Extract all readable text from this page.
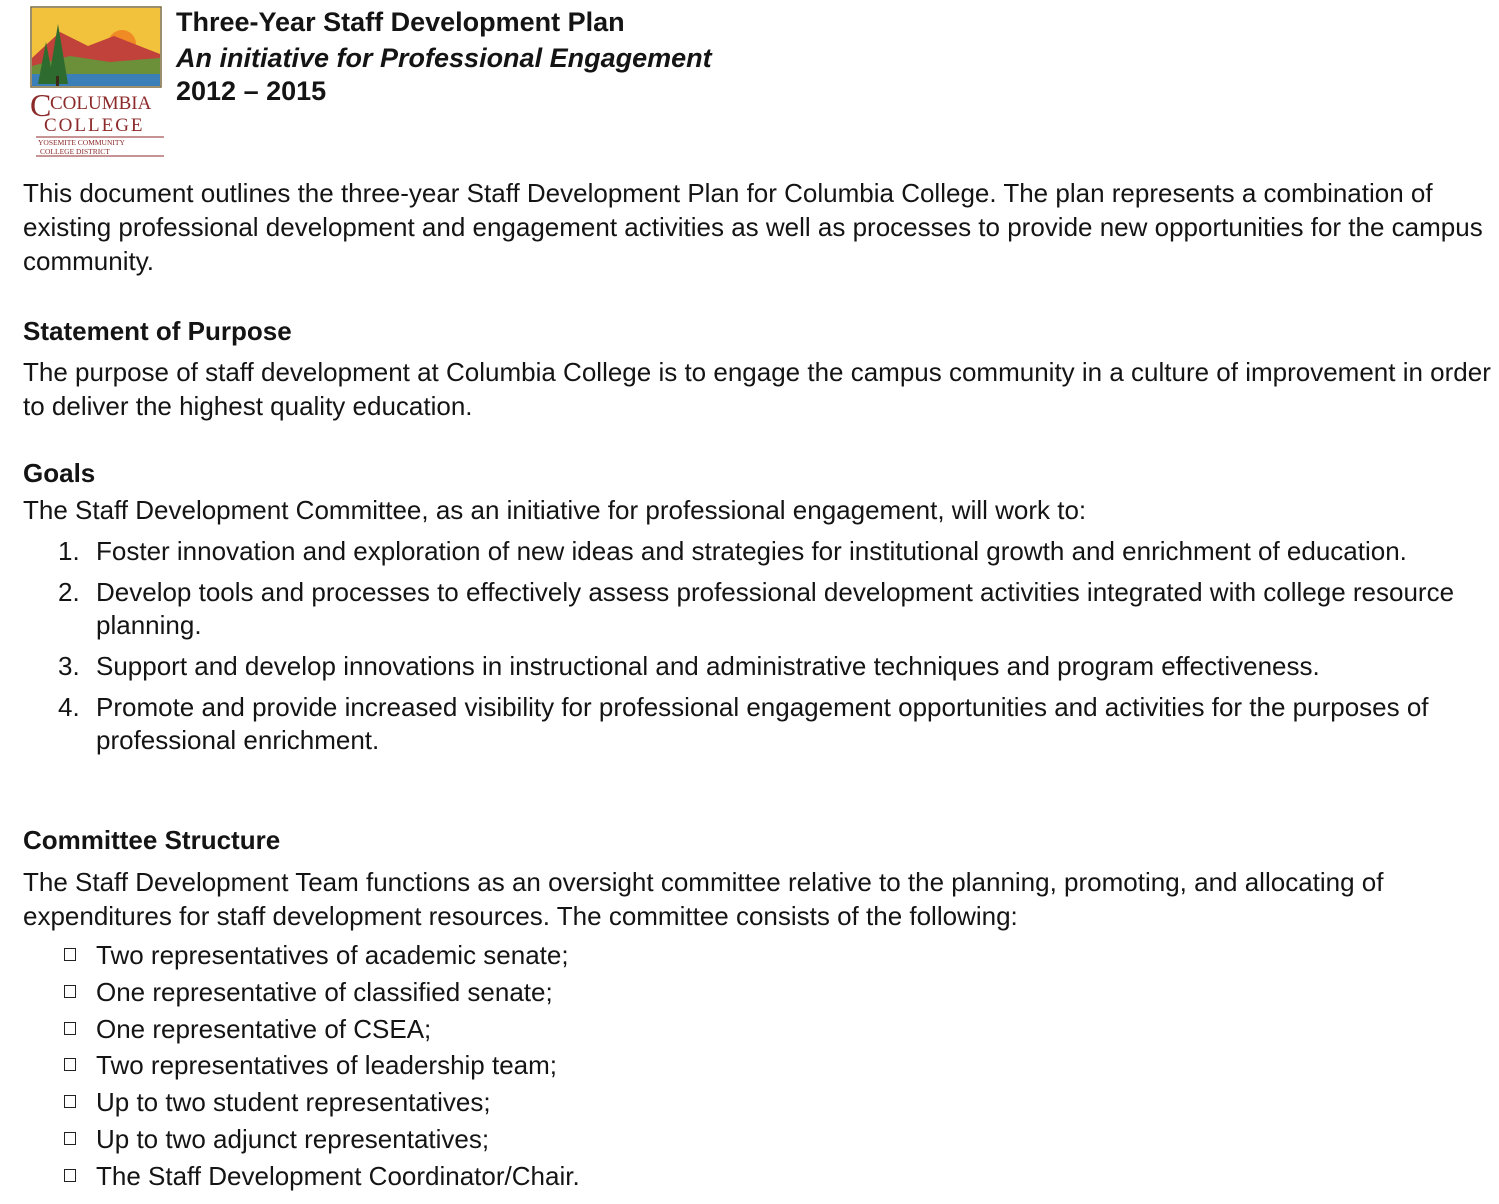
C
COLUMBIA
COLLEGE
YOSEMITE COMMUNITY
COLLEGE DISTRICT
Three-Year Staff Development Plan
An initiative for Professional Engagement
2012 – 2015
This document outlines the three-year Staff Development Plan for Columbia College. The plan represents a combination of existing professional development and engagement activities as well as processes to provide new opportunities for the campus community.
Statement of Purpose
The purpose of staff development at Columbia College is to engage the campus community in a culture of improvement in order to deliver the highest quality education.
Goals
The Staff Development Committee, as an initiative for professional engagement, will work to:
1. Foster innovation and exploration of new ideas and strategies for institutional growth and enrichment of education.
2. Develop tools and processes to effectively assess professional development activities integrated with college resource planning.
3. Support and develop innovations in instructional and administrative techniques and program effectiveness.
4. Promote and provide increased visibility for professional engagement opportunities and activities for the purposes of professional enrichment.
Committee Structure
The Staff Development Team functions as an oversight committee relative to the planning, promoting, and allocating of expenditures for staff development resources. The committee consists of the following:
Two representatives of academic senate;
One representative of classified senate;
One representative of CSEA;
Two representatives of leadership team;
Up to two student representatives;
Up to two adjunct representatives;
The Staff Development Coordinator/Chair.
